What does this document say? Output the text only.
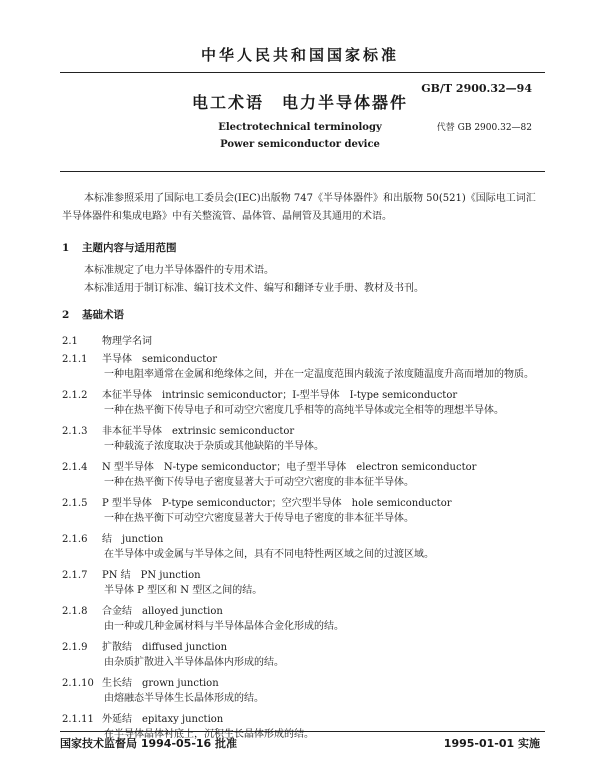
中华人民共和国国家标准
GB/T 2900.32—94
电工术语　电力半导体器件
Electrotechnical terminology
Power semiconductor device
代替 GB 2900.32—82
本标准参照采用了国际电工委员会(IEC)出版物 747《半导体器件》和出版物 50(521)《国际电工词汇　半导体器件和集成电路》中有关整流管、晶体管、晶闸管及其通用的术语。
1 主题内容与适用范围
本标准规定了电力半导体器件的专用术语。
本标准适用于制订标准、编订技术文件、编写和翻译专业手册、教材及书刊。
2 基础术语
2.1 物理学名词
2.1.1 半导体　semiconductor
一种电阻率通常在金属和绝缘体之间，并在一定温度范围内载流子浓度随温度升高而增加的物质。
2.1.2 本征半导体　intrinsic semiconductor；I-型半导体　I-type semiconductor
一种在热平衡下传导电子和可动空穴密度几乎相等的高纯半导体或完全相等的理想半导体。
2.1.3 非本征半导体　extrinsic semiconductor
一种载流子浓度取决于杂质或其他缺陷的半导体。
2.1.4 N 型半导体　N-type semiconductor；电子型半导体　electron semiconductor
一种在热平衡下传导电子密度显著大于可动空穴密度的非本征半导体。
2.1.5 P 型半导体　P-type semiconductor；空穴型半导体　hole semiconductor
一种在热平衡下可动空穴密度显著大于传导电子密度的非本征半导体。
2.1.6 结　junction
在半导体中或金属与半导体之间，具有不同电特性两区域之间的过渡区域。
2.1.7 PN 结　PN junction
半导体 P 型区和 N 型区之间的结。
2.1.8 合金结　alloyed junction
由一种或几种金属材料与半导体晶体合金化形成的结。
2.1.9 扩散结　diffused junction
由杂质扩散进入半导体晶体内形成的结。
2.1.10 生长结　grown junction
由熔融态半导体生长晶体形成的结。
2.1.11 外延结　epitaxy junction
在半导体晶体衬底上，沉积生长晶体形成的结。
国家技术监督局 1994-05-16 批准	1995-01-01 实施
